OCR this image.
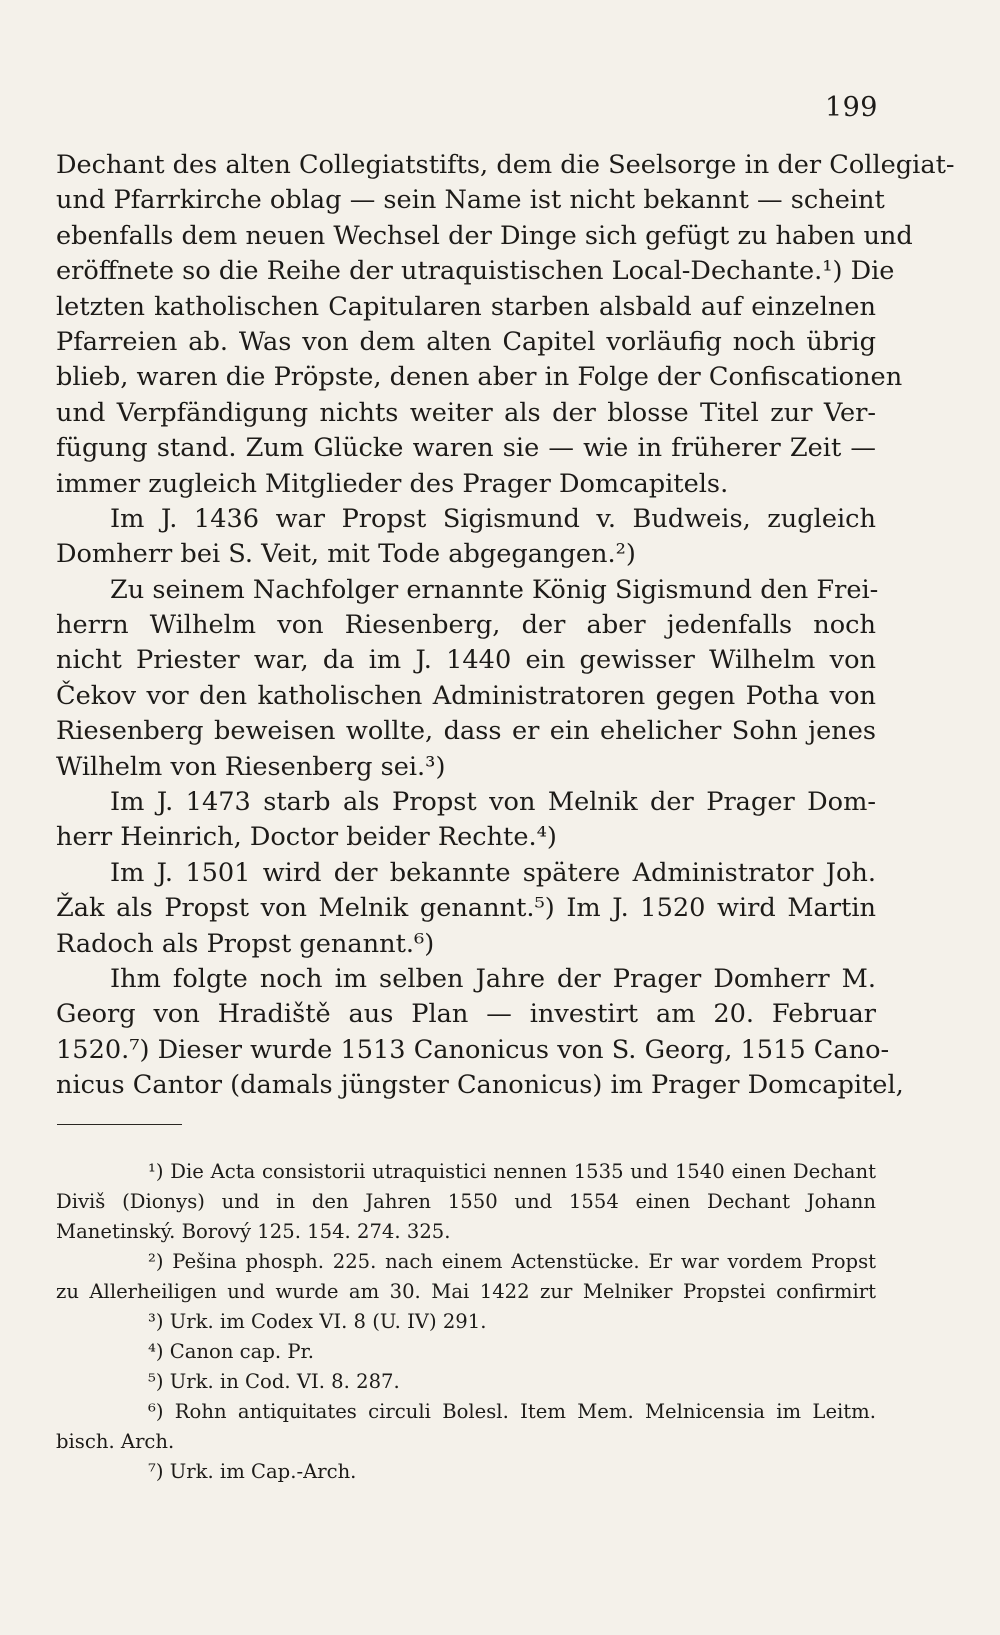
199
Dechant des alten Collegiatstifts, dem die Seelsorge in der Collegiat-
und Pfarrkirche oblag — sein Name ist nicht bekannt — scheint
ebenfalls dem neuen Wechsel der Dinge sich gefügt zu haben und
eröffnete so die Reihe der utraquistischen Local-Dechante.¹) Die
letzten katholischen Capitularen starben alsbald auf einzelnen
Pfarreien ab. Was von dem alten Capitel vorläufig noch übrig
blieb, waren die Pröpste, denen aber in Folge der Confiscationen
und Verpfändigung nichts weiter als der blosse Titel zur Ver-
fügung stand. Zum Glücke waren sie — wie in früherer Zeit —
immer zugleich Mitglieder des Prager Domcapitels.
Im J. 1436 war Propst Sigismund v. Budweis, zugleich
Domherr bei S. Veit, mit Tode abgegangen.²)
Zu seinem Nachfolger ernannte König Sigismund den Frei-
herrn Wilhelm von Riesenberg, der aber jedenfalls noch
nicht Priester war, da im J. 1440 ein gewisser Wilhelm von
Čekov vor den katholischen Administratoren gegen Potha von
Riesenberg beweisen wollte, dass er ein ehelicher Sohn jenes
Wilhelm von Riesenberg sei.³)
Im J. 1473 starb als Propst von Melnik der Prager Dom-
herr Heinrich, Doctor beider Rechte.⁴)
Im J. 1501 wird der bekannte spätere Administrator Joh.
Žak als Propst von Melnik genannt.⁵) Im J. 1520 wird Martin
Radoch als Propst genannt.⁶)
Ihm folgte noch im selben Jahre der Prager Domherr M.
Georg von Hradiště aus Plan — investirt am 20. Februar
1520.⁷) Dieser wurde 1513 Canonicus von S. Georg, 1515 Cano-
nicus Cantor (damals jüngster Canonicus) im Prager Domcapitel,
¹) Die Acta consistorii utraquistici nennen 1535 und 1540 einen Dechant
Diviš (Dionys) und in den Jahren 1550 und 1554 einen Dechant Johann
Manetinský. Borový 125. 154. 274. 325.
²) Pešina phosph. 225. nach einem Actenstücke. Er war vordem Propst
zu Allerheiligen und wurde am 30. Mai 1422 zur Melniker Propstei confirmirt
³) Urk. im Codex VI. 8 (U. IV) 291.
⁴) Canon cap. Pr.
⁵) Urk. in Cod. VI. 8. 287.
⁶) Rohn antiquitates circuli Bolesl. Item Mem. Melnicensia im Leitm.
bisch. Arch.
⁷) Urk. im Cap.-Arch.
